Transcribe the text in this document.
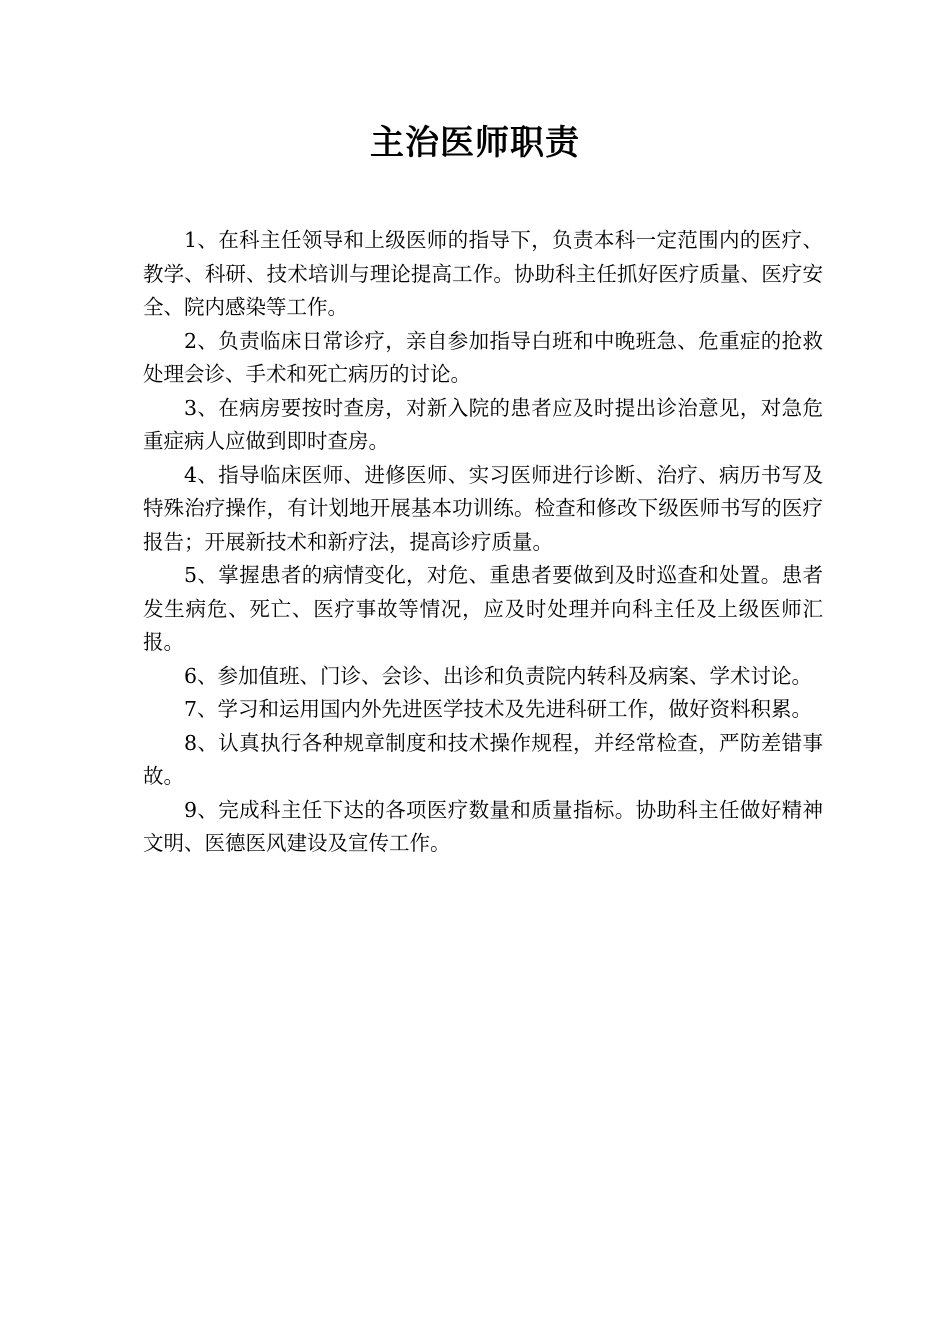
主治医师职责

1、在科主任领导和上级医师的指导下，负责本科一定范围内的医疗、教学、科研、技术培训与理论提高工作。协助科主任抓好医疗质量、医疗安全、院内感染等工作。

2、负责临床日常诊疗，亲自参加指导白班和中晚班急、危重症的抢救处理会诊、手术和死亡病历的讨论。

3、在病房要按时查房，对新入院的患者应及时提出诊治意见，对急危重症病人应做到即时查房。

4、指导临床医师、进修医师、实习医师进行诊断、治疗、病历书写及特殊治疗操作，有计划地开展基本功训练。检查和修改下级医师书写的医疗报告；开展新技术和新疗法，提高诊疗质量。

5、掌握患者的病情变化，对危、重患者要做到及时巡查和处置。患者发生病危、死亡、医疗事故等情况，应及时处理并向科主任及上级医师汇报。

6、参加值班、门诊、会诊、出诊和负责院内转科及病案、学术讨论。

7、学习和运用国内外先进医学技术及先进科研工作，做好资料积累。

8、认真执行各种规章制度和技术操作规程，并经常检查，严防差错事故。

9、完成科主任下达的各项医疗数量和质量指标。协助科主任做好精神文明、医德医风建设及宣传工作。
